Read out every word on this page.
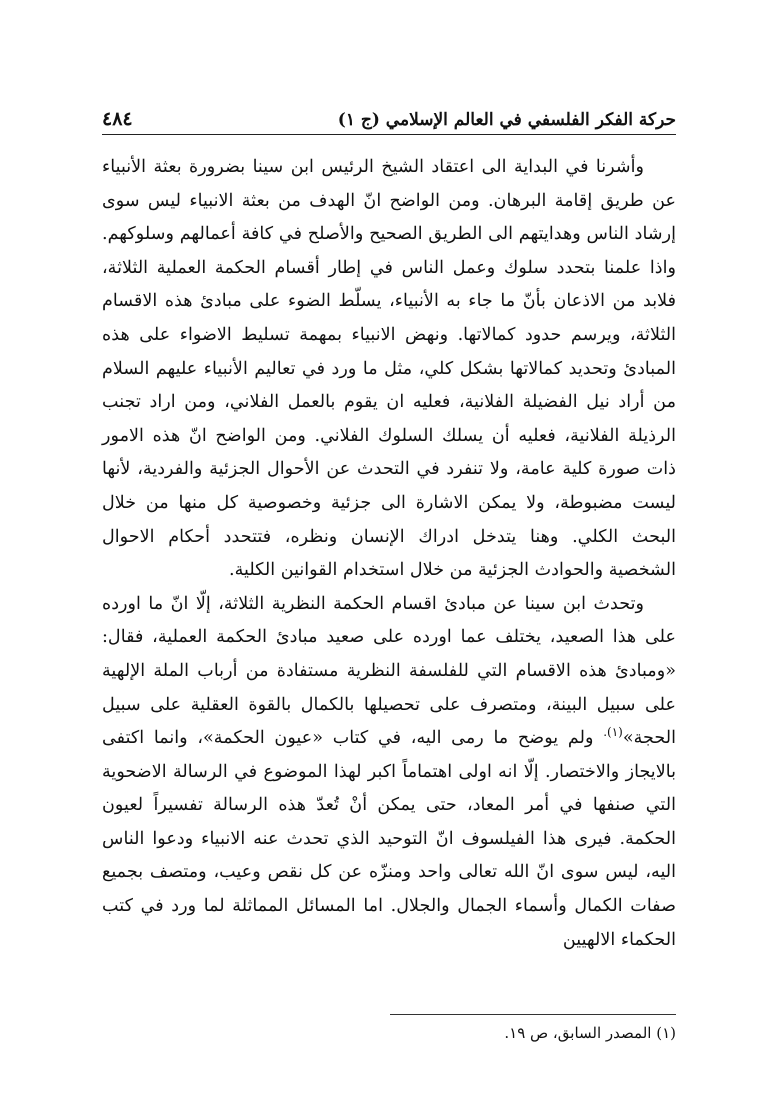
حركة الفكر الفلسفي في العالم الإسلامي (ج ١)
٤٨٤

وأشرنا في البداية الى اعتقاد الشيخ الرئيس ابن سينا بضرورة بعثة الأنبياء عن طريق إقامة البرهان. ومن الواضح انّ الهدف من بعثة الانبياء ليس سوى إرشاد الناس وهدايتهم الى الطريق الصحيح والأصلح في كافة أعمالهم وسلوكهم. واذا علمنا بتحدد سلوك وعمل الناس في إطار أقسام الحكمة العملية الثلاثة، فلابد من الاذعان بأنّ ما جاء به الأنبياء، يسلّط الضوء على مبادئ هذه الاقسام الثلاثة، ويرسم حدود كمالاتها. ونهض الانبياء بمهمة تسليط الاضواء على هذه المبادئ وتحديد كمالاتها بشكل كلي، مثل ما ورد في تعاليم الأنبياء عليهم السلام من أراد نيل الفضيلة الفلانية، فعليه ان يقوم بالعمل الفلاني، ومن اراد تجنب الرذيلة الفلانية، فعليه أن يسلك السلوك الفلاني. ومن الواضح انّ هذه الامور ذات صورة كلية عامة، ولا تنفرد في التحدث عن الأحوال الجزئية والفردية، لأنها ليست مضبوطة، ولا يمكن الاشارة الى جزئية وخصوصية كل منها من خلال البحث الكلي. وهنا يتدخل ادراك الإنسان ونظره، فتتحدد أحكام الاحوال الشخصية والحوادث الجزئية من خلال استخدام القوانين الكلية.

وتحدث ابن سينا عن مبادئ اقسام الحكمة النظرية الثلاثة، إلّا انّ ما اورده على هذا الصعيد، يختلف عما اورده على صعيد مبادئ الحكمة العملية، فقال: «ومبادئ هذه الاقسام التي للفلسفة النظرية مستفادة من أرباب الملة الإلهية على سبيل البينة، ومتصرف على تحصيلها بالكمال بالقوة العقلية على سبيل الحجة»$^{(١).}$ ولم يوضح ما رمى اليه، في كتاب «عيون الحكمة»، وانما اكتفى بالايجاز والاختصار. إلّا انه اولى اهتماماً اكبر لهذا الموضوع في الرسالة الاضحوية التي صنفها في أمر المعاد، حتى يمكن أنْ تُعدّ هذه الرسالة تفسيراً لعيون الحكمة. فيرى هذا الفيلسوف انّ التوحيد الذي تحدث عنه الانبياء ودعوا الناس اليه، ليس سوى انّ الله تعالى واحد ومنزّه عن كل نقص وعيب، ومتصف بجميع صفات الكمال وأسماء الجمال والجلال. اما المسائل المماثلة لما ورد في كتب الحكماء الالهيين

(١) المصدر السابق، ص ١٩.
